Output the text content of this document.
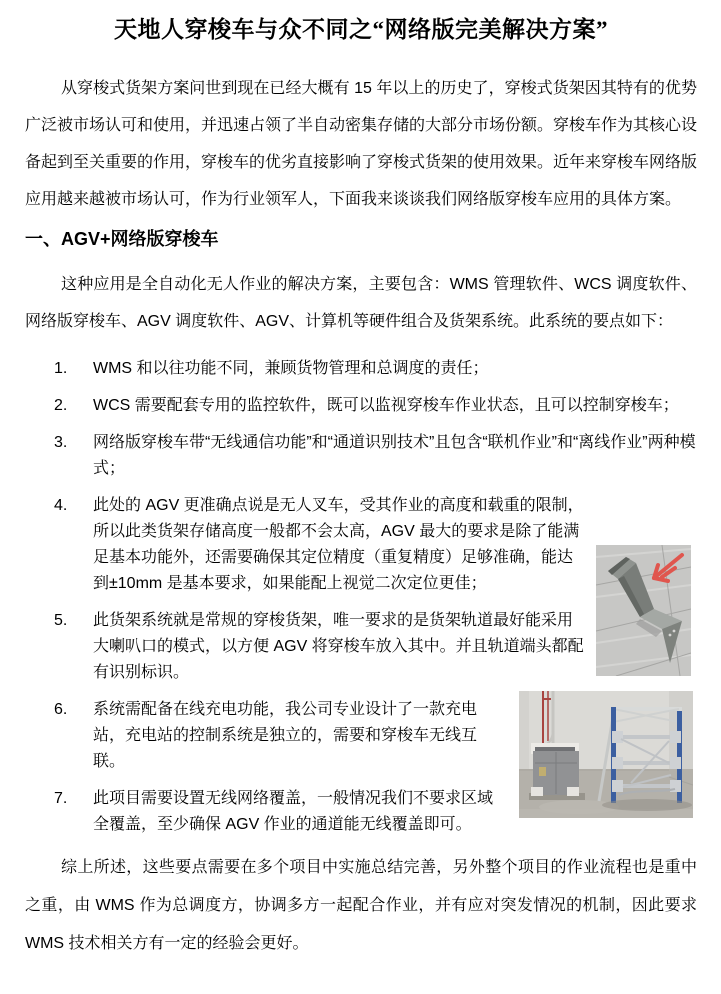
天地人穿梭车与众不同之“网络版完美解决方案”

从穿梭式货架方案问世到现在已经大概有 15 年以上的历史了，穿梭式货架因其特有的优势广泛被市场认可和使用，并迅速占领了半自动密集存储的大部分市场份额。穿梭车作为其核心设备起到至关重要的作用，穿梭车的优劣直接影响了穿梭式货架的使用效果。近年来穿梭车网络版应用越来越被市场认可，作为行业领军人，下面我来谈谈我们网络版穿梭车应用的具体方案。

一、AGV+网络版穿梭车

这种应用是全自动化无人作业的解决方案，主要包含：WMS 管理软件、WCS 调度软件、网络版穿梭车、AGV 调度软件、AGV、计算机等硬件组合及货架系统。此系统的要点如下：

1.	WMS 和以往功能不同，兼顾货物管理和总调度的责任；
2.	WCS 需要配套专用的监控软件，既可以监视穿梭车作业状态，且可以控制穿梭车；
3.	网络版穿梭车带“无线通信功能”和“通道识别技术”且包含“联机作业”和“离线作业”两种模式；
4.	此处的 AGV 更准确点说是无人叉车，受其作业的高度和载重的限制，所以此类货架存储高度一般都不会太高，AGV 最大的要求是除了能满足基本功能外，还需要确保其定位精度（重复精度）足够准确，能达到±10mm 是基本要求，如果能配上视觉二次定位更佳；
5.	此货架系统就是常规的穿梭货架，唯一要求的是货架轨道最好能采用大喇叭口的模式，以方便 AGV 将穿梭车放入其中。并且轨道端头都配有识别标识。
6.	系统需配备在线充电功能，我公司专业设计了一款充电站，充电站的控制系统是独立的，需要和穿梭车无线互联。
7.	此项目需要设置无线网络覆盖，一般情况我们不要求区域全覆盖，至少确保 AGV 作业的通道能无线覆盖即可。

综上所述，这些要点需要在多个项目中实施总结完善，另外整个项目的作业流程也是重中之重，由 WMS 作为总调度方，协调多方一起配合作业，并有应对突发情况的机制，因此要求 WMS 技术相关方有一定的经验会更好。
